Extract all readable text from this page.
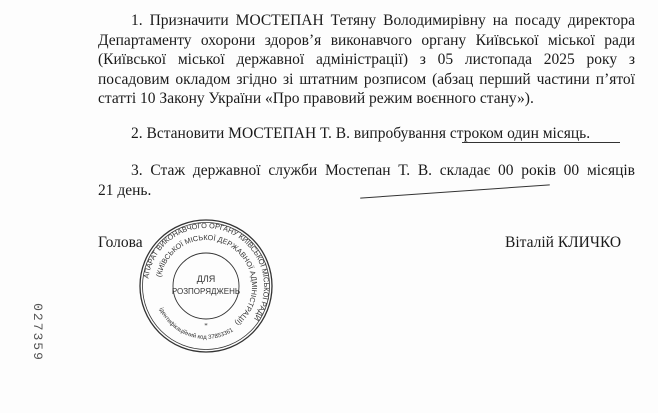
1. Призначити МОСТЕПАН Тетяну Володимирівну на посаду директора
Департаменту охорони здоров’я виконавчого органу Київської міської ради
(Київської міської державної адміністрації) з 05 листопада 2025 року з
посадовим окладом згідно зі штатним розписом (абзац перший частини п’ятої
статті 10 Закону України «Про правовий режим воєнного стану»).
2. Встановити МОСТЕПАН Т. В. випробування строком один місяць.
3. Стаж державної служби Мостепан Т. В. складає 00 років 00 місяців
21 день.
Голова	Віталій КЛИЧКО
027359
АПАРАТ ВИКОНАВЧОГО ОРГАНУ КИЇВСЬКОЇ МІСЬКОЇ РАДИ
(КИЇВСЬКОЇ МІСЬКОЇ ДЕРЖАВНОЇ АДМІНІСТРАЦІЇ)
ідентифікаційний код 37853361
ДЛЯ
РОЗПОРЯДЖЕНЬ
*
